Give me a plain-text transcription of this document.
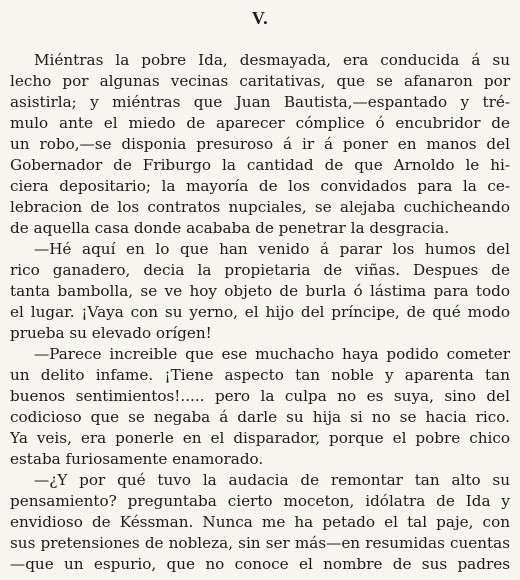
V.
Miéntras la pobre Ida, desmayada, era conducida á su
lecho por algunas vecinas caritativas, que se afanaron por
asistirla; y miéntras que Juan Bautista,—espantado y tré-
mulo ante el miedo de aparecer cómplice ó encubridor de
un robo,—se disponia presuroso á ir á poner en manos del
Gobernador de Friburgo la cantidad de que Arnoldo le hi-
ciera depositario; la mayoría de los convidados para la ce-
lebracion de los contratos nupciales, se alejaba cuchicheando
de aquella casa donde acababa de penetrar la desgracia.
—Hé aquí en lo que han venido á parar los humos del
rico ganadero, decia la propietaria de viñas. Despues de
tanta bambolla, se ve hoy objeto de burla ó lástima para todo
el lugar. ¡Vaya con su yerno, el hijo del príncipe, de qué modo
prueba su elevado orígen!
—Parece increible que ese muchacho haya podido cometer
un delito infame. ¡Tiene aspecto tan noble y aparenta tan
buenos sentimientos!..... pero la culpa no es suya, sino del
codicioso que se negaba á darle su hija si no se hacia rico.
Ya veis, era ponerle en el disparador, porque el pobre chico
estaba furiosamente enamorado.
—¿Y por qué tuvo la audacia de remontar tan alto su
pensamiento? preguntaba cierto moceton, idólatra de Ida y
envidioso de Késsman. Nunca me ha petado el tal paje, con
sus pretensiones de nobleza, sin ser más—en resumidas cuentas
—que un espurio, que no conoce el nombre de sus padres
